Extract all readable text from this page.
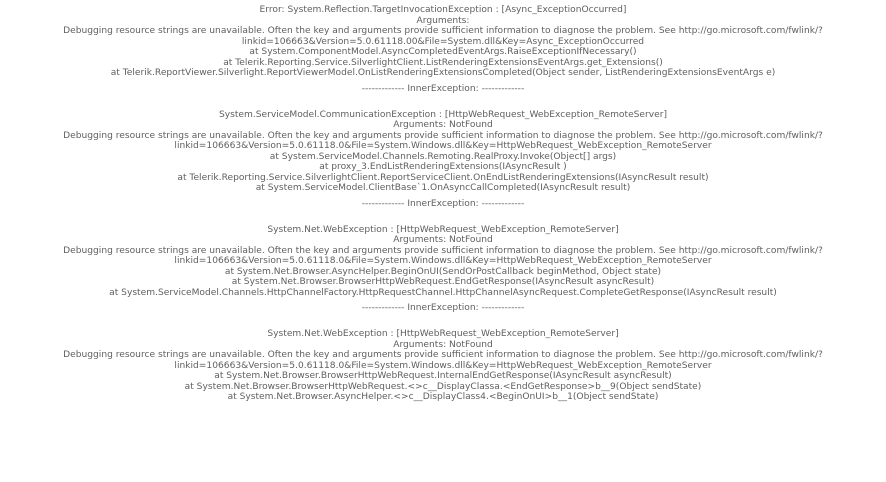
Error: System.Reflection.TargetInvocationException : [Async_ExceptionOccurred]
Arguments:
Debugging resource strings are unavailable. Often the key and arguments provide sufficient information to diagnose the problem. See http://go.microsoft.com/fwlink/?
linkid=106663&Version=5.0.61118.00&File=System.dll&Key=Async_ExceptionOccurred
at System.ComponentModel.AsyncCompletedEventArgs.RaiseExceptionIfNecessary()
at Telerik.Reporting.Service.SilverlightClient.ListRenderingExtensionsEventArgs.get_Extensions()
at Telerik.ReportViewer.Silverlight.ReportViewerModel.OnListRenderingExtensionsCompleted(Object sender, ListRenderingExtensionsEventArgs e)
------------- InnerException: -------------
System.ServiceModel.CommunicationException : [HttpWebRequest_WebException_RemoteServer]
Arguments: NotFound
Debugging resource strings are unavailable. Often the key and arguments provide sufficient information to diagnose the problem. See http://go.microsoft.com/fwlink/?
linkid=106663&Version=5.0.61118.0&File=System.Windows.dll&Key=HttpWebRequest_WebException_RemoteServer
at System.ServiceModel.Channels.Remoting.RealProxy.Invoke(Object[] args)
at proxy_3.EndListRenderingExtensions(IAsyncResult )
at Telerik.Reporting.Service.SilverlightClient.ReportServiceClient.OnEndListRenderingExtensions(IAsyncResult result)
at System.ServiceModel.ClientBase`1.OnAsyncCallCompleted(IAsyncResult result)
------------- InnerException: -------------
System.Net.WebException : [HttpWebRequest_WebException_RemoteServer]
Arguments: NotFound
Debugging resource strings are unavailable. Often the key and arguments provide sufficient information to diagnose the problem. See http://go.microsoft.com/fwlink/?
linkid=106663&Version=5.0.61118.0&File=System.Windows.dll&Key=HttpWebRequest_WebException_RemoteServer
at System.Net.Browser.AsyncHelper.BeginOnUI(SendOrPostCallback beginMethod, Object state)
at System.Net.Browser.BrowserHttpWebRequest.EndGetResponse(IAsyncResult asyncResult)
at System.ServiceModel.Channels.HttpChannelFactory.HttpRequestChannel.HttpChannelAsyncRequest.CompleteGetResponse(IAsyncResult result)
------------- InnerException: -------------
System.Net.WebException : [HttpWebRequest_WebException_RemoteServer]
Arguments: NotFound
Debugging resource strings are unavailable. Often the key and arguments provide sufficient information to diagnose the problem. See http://go.microsoft.com/fwlink/?
linkid=106663&Version=5.0.61118.0&File=System.Windows.dll&Key=HttpWebRequest_WebException_RemoteServer
at System.Net.Browser.BrowserHttpWebRequest.InternalEndGetResponse(IAsyncResult asyncResult)
at System.Net.Browser.BrowserHttpWebRequest.<>c__DisplayClassa.<EndGetResponse>b__9(Object sendState)
at System.Net.Browser.AsyncHelper.<>c__DisplayClass4.<BeginOnUI>b__1(Object sendState)
